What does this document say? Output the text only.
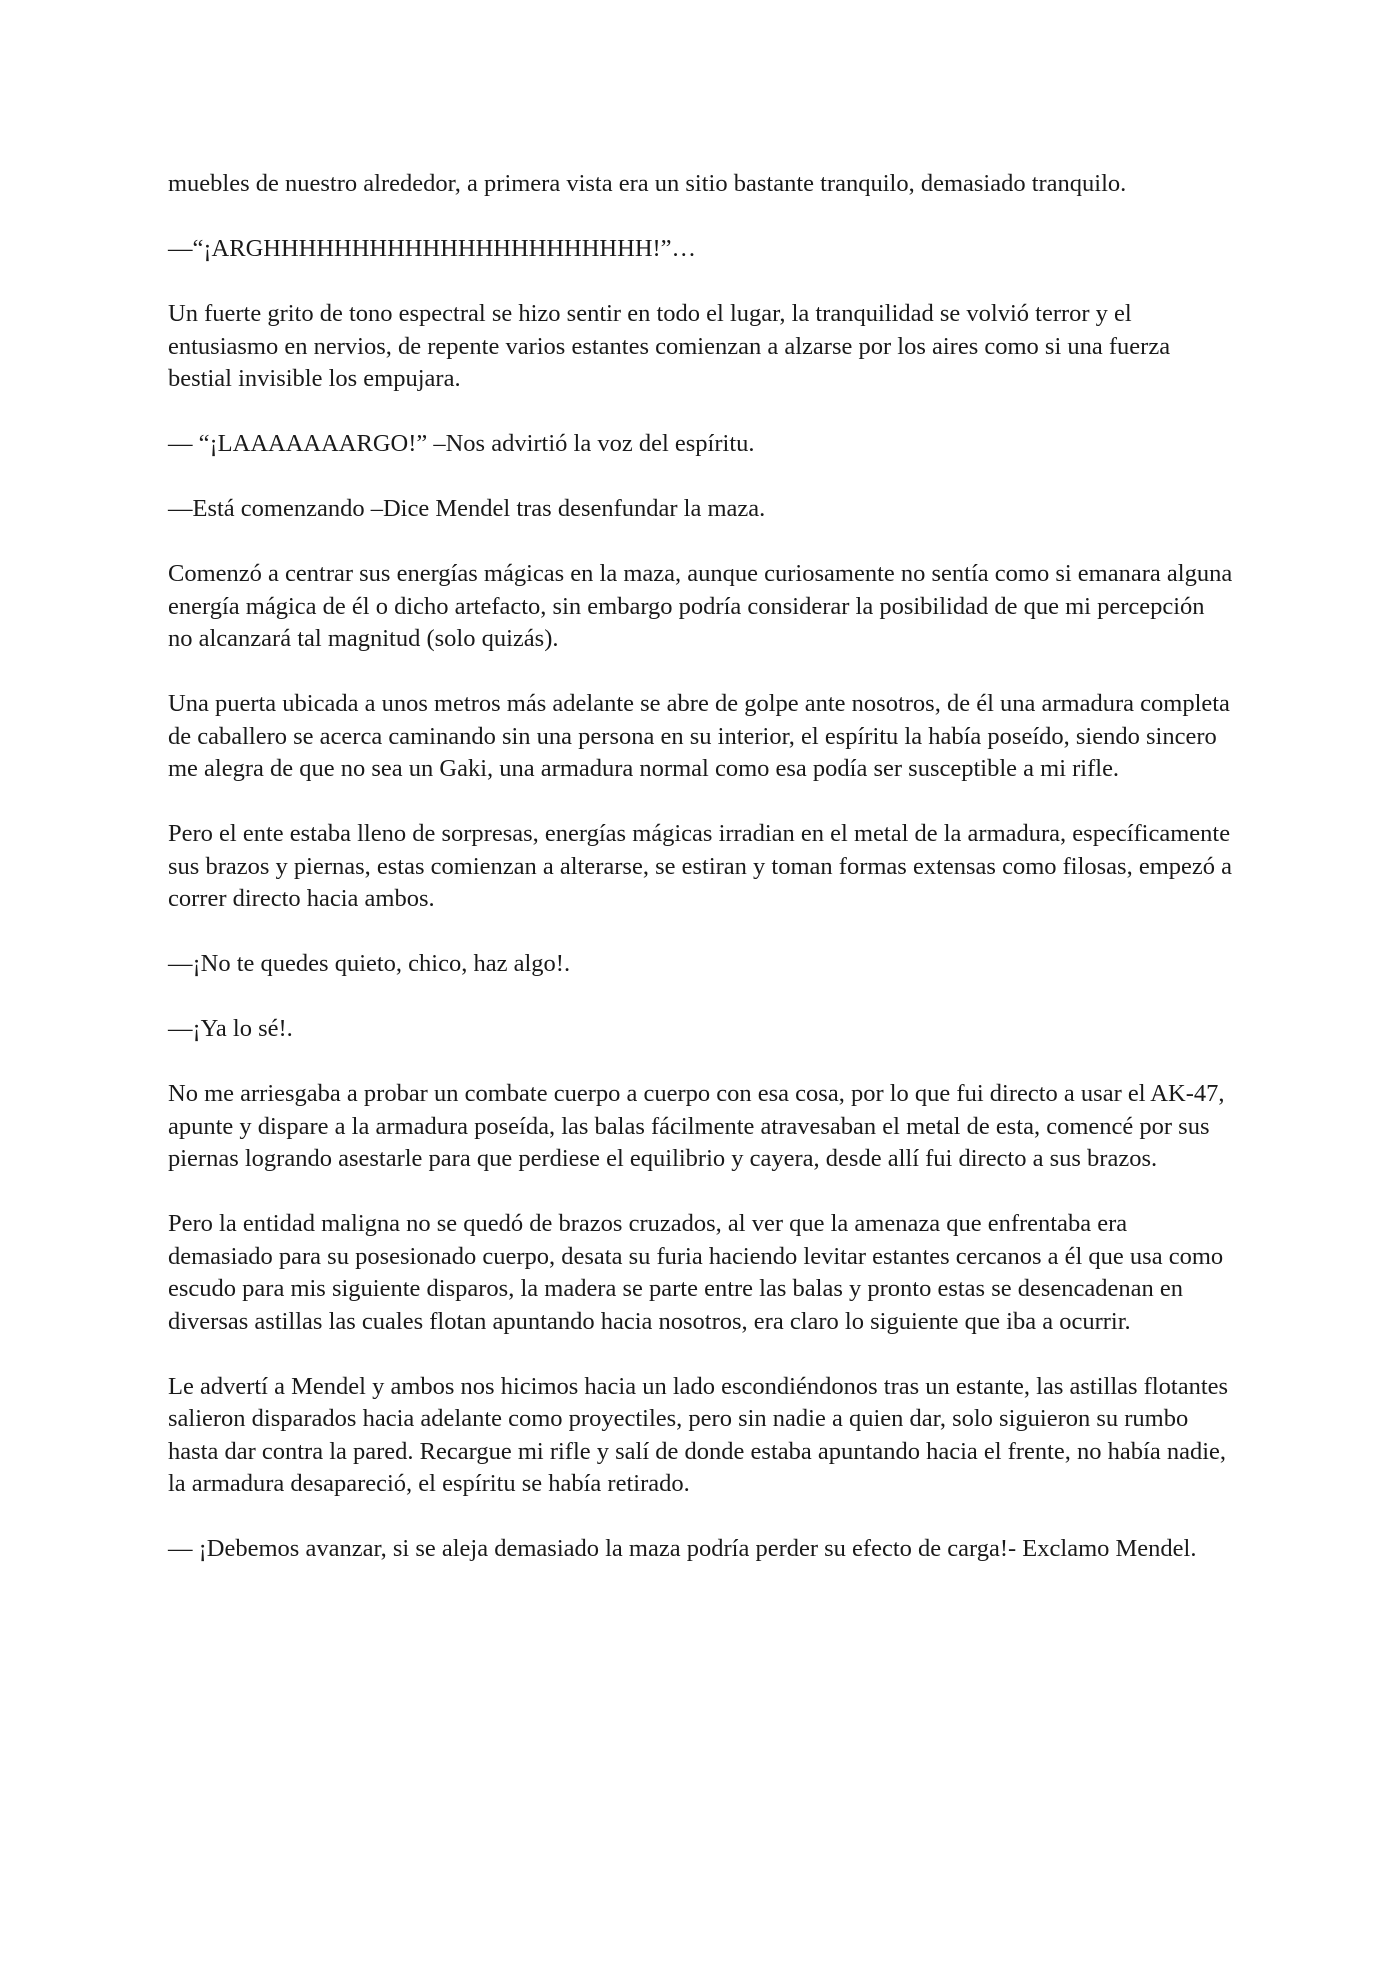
muebles de nuestro alrededor, a primera vista era un sitio bastante tranquilo, demasiado tranquilo.

—“¡ARGHHHHHHHHHHHHHHHHHHHHHH!”…

Un fuerte grito de tono espectral se hizo sentir en todo el lugar, la tranquilidad se volvió terror y el entusiasmo en nervios, de repente varios estantes comienzan a alzarse por los aires como si una fuerza bestial invisible los empujara.

— “¡LAAAAAAARGO!” –Nos advirtió la voz del espíritu.

—Está comenzando –Dice Mendel tras desenfundar la maza.

Comenzó a centrar sus energías mágicas en la maza, aunque curiosamente no sentía como si emanara alguna energía mágica de él o dicho artefacto, sin embargo podría considerar la posibilidad de que mi percepción no alcanzará tal magnitud (solo quizás).

Una puerta ubicada a unos metros más adelante se abre de golpe ante nosotros, de él una armadura completa de caballero se acerca caminando sin una persona en su interior, el espíritu la había poseído, siendo sincero me alegra de que no sea un Gaki, una armadura normal como esa podía ser susceptible a mi rifle.

Pero el ente estaba lleno de sorpresas, energías mágicas irradian en el metal de la armadura, específicamente sus brazos y piernas, estas comienzan a alterarse, se estiran y toman formas extensas como filosas, empezó a correr directo hacia ambos.

—¡No te quedes quieto, chico, haz algo!.

—¡Ya lo sé!.

No me arriesgaba a probar un combate cuerpo a cuerpo con esa cosa, por lo que fui directo a usar el AK-47, apunte y dispare a la armadura poseída, las balas fácilmente atravesaban el metal de esta, comencé por sus piernas logrando asestarle para que perdiese el equilibrio y cayera, desde allí fui directo a sus brazos.

Pero la entidad maligna no se quedó de brazos cruzados, al ver que la amenaza que enfrentaba era demasiado para su posesionado cuerpo, desata su furia haciendo levitar estantes cercanos a él que usa como escudo para mis siguiente disparos, la madera se parte entre las balas y pronto estas se desencadenan en diversas astillas las cuales flotan apuntando hacia nosotros, era claro lo siguiente que iba a ocurrir.

Le advertí a Mendel y ambos nos hicimos hacia un lado escondiéndonos tras un estante, las astillas flotantes salieron disparados hacia adelante como proyectiles, pero sin nadie a quien dar, solo siguieron su rumbo hasta dar contra la pared. Recargue mi rifle y salí de donde estaba apuntando hacia el frente, no había nadie, la armadura desapareció, el espíritu se había retirado.

— ¡Debemos avanzar, si se aleja demasiado la maza podría perder su efecto de carga!- Exclamo Mendel.
